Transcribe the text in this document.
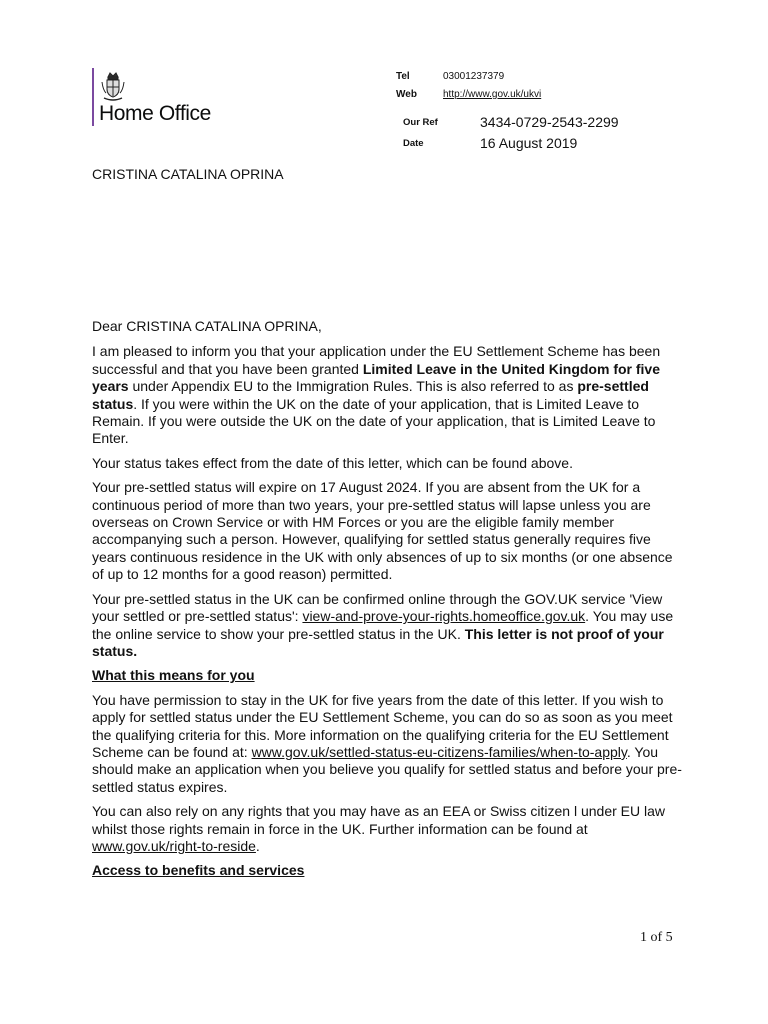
Home Office
Tel	03001237379
Web	http://www.gov.uk/ukvi
Our Ref	3434-0729-2543-2299
Date	16 August 2019
CRISTINA CATALINA OPRINA

Dear CRISTINA CATALINA OPRINA,

I am pleased to inform you that your application under the EU Settlement Scheme has been successful and that you have been granted Limited Leave in the United Kingdom for five years under Appendix EU to the Immigration Rules. This is also referred to as pre-settled status. If you were within the UK on the date of your application, that is Limited Leave to Remain. If you were outside the UK on the date of your application, that is Limited Leave to Enter.

Your status takes effect from the date of this letter, which can be found above.

Your pre-settled status will expire on 17 August 2024. If you are absent from the UK for a continuous period of more than two years, your pre-settled status will lapse unless you are overseas on Crown Service or with HM Forces or you are the eligible family member accompanying such a person. However, qualifying for settled status generally requires five years continuous residence in the UK with only absences of up to six months (or one absence of up to 12 months for a good reason) permitted.

Your pre-settled status in the UK can be confirmed online through the GOV.UK service 'View your settled or pre-settled status': view-and-prove-your-rights.homeoffice.gov.uk. You may use the online service to show your pre-settled status in the UK. This letter is not proof of your status.

What this means for you

You have permission to stay in the UK for five years from the date of this letter. If you wish to apply for settled status under the EU Settlement Scheme, you can do so as soon as you meet the qualifying criteria for this. More information on the qualifying criteria for the EU Settlement Scheme can be found at: www.gov.uk/settled-status-eu-citizens-families/when-to-apply. You should make an application when you believe you qualify for settled status and before your pre-settled status expires.

You can also rely on any rights that you may have as an EEA or Swiss citizen l under EU law whilst those rights remain in force in the UK. Further information can be found at www.gov.uk/right-to-reside.

Access to benefits and services

1 of 5
